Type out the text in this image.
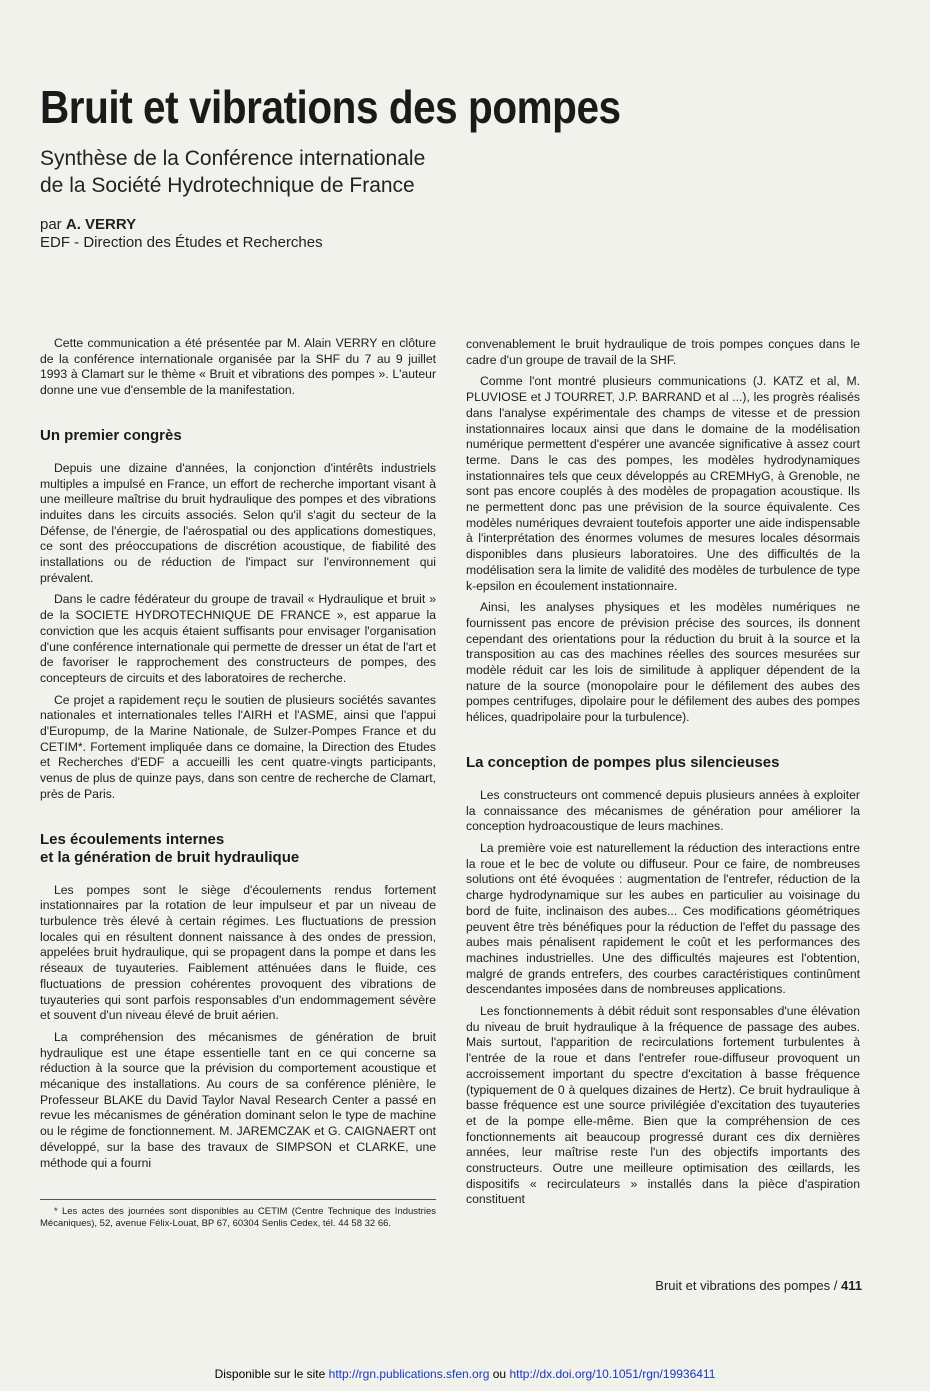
Bruit et vibrations des pompes
Synthèse de la Conférence internationale
de la Société Hydrotechnique de France
par A. VERRY
EDF - Direction des Études et Recherches

Cette communication a été présentée par M. Alain VERRY en clôture de la conférence internationale organisée par la SHF du 7 au 9 juillet 1993 à Clamart sur le thème « Bruit et vibrations des pompes ». L'auteur donne une vue d'ensemble de la manifestation.

Un premier congrès

Depuis une dizaine d'années, la conjonction d'intérêts industriels multiples a impulsé en France, un effort de recherche important visant à une meilleure maîtrise du bruit hydraulique des pompes et des vibrations induites dans les circuits associés. Selon qu'il s'agit du secteur de la Défense, de l'énergie, de l'aérospatial ou des applications domestiques, ce sont des préoccupations de discrétion acoustique, de fiabilité des installations ou de réduction de l'impact sur l'environnement qui prévalent.

Dans le cadre fédérateur du groupe de travail « Hydraulique et bruit » de la SOCIETE HYDROTECHNIQUE DE FRANCE », est apparue la conviction que les acquis étaient suffisants pour envisager l'organisation d'une conférence internationale qui permette de dresser un état de l'art et de favoriser le rapprochement des constructeurs de pompes, des concepteurs de circuits et des laboratoires de recherche.

Ce projet a rapidement reçu le soutien de plusieurs sociétés savantes nationales et internationales telles l'AIRH et l'ASME, ainsi que l'appui d'Europump, de la Marine Nationale, de Sulzer-Pompes France et du CETIM*. Fortement impliquée dans ce domaine, la Direction des Etudes et Recherches d'EDF a accueilli les cent quatre-vingts participants, venus de plus de quinze pays, dans son centre de recherche de Clamart, près de Paris.

Les écoulements internes
et la génération de bruit hydraulique

Les pompes sont le siège d'écoulements rendus fortement instationnaires par la rotation de leur impulseur et par un niveau de turbulence très élevé à certain régimes. Les fluctuations de pression locales qui en résultent donnent naissance à des ondes de pression, appelées bruit hydraulique, qui se propagent dans la pompe et dans les réseaux de tuyauteries. Faiblement atténuées dans le fluide, ces fluctuations de pression cohérentes provoquent des vibrations de tuyauteries qui sont parfois responsables d'un endommagement sévère et souvent d'un niveau élevé de bruit aérien.

La compréhension des mécanismes de génération de bruit hydraulique est une étape essentielle tant en ce qui concerne sa réduction à la source que la prévision du comportement acoustique et mécanique des installations. Au cours de sa conférence plénière, le Professeur BLAKE du David Taylor Naval Research Center a passé en revue les mécanismes de génération dominant selon le type de machine ou le régime de fonctionnement. M. JAREMCZAK et G. CAIGNAERT ont développé, sur la base des travaux de SIMPSON et CLARKE, une méthode qui a fourni

* Les actes des journées sont disponibles au CETIM (Centre Technique des Industries Mécaniques), 52, avenue Félix-Louat, BP 67, 60304 Senlis Cedex, tél. 44 58 32 66.

convenablement le bruit hydraulique de trois pompes conçues dans le cadre d'un groupe de travail de la SHF.

Comme l'ont montré plusieurs communications (J. KATZ et al, M. PLUVIOSE et J TOURRET, J.P. BARRAND et al ...), les progrès réalisés dans l'analyse expérimentale des champs de vitesse et de pression instationnaires locaux ainsi que dans le domaine de la modélisation numérique permettent d'espérer une avancée significative à assez court terme. Dans le cas des pompes, les modèles hydrodynamiques instationnaires tels que ceux développés au CREMHyG, à Grenoble, ne sont pas encore couplés à des modèles de propagation acoustique. Ils ne permettent donc pas une prévision de la source équivalente. Ces modèles numériques devraient toutefois apporter une aide indispensable à l'interprétation des énormes volumes de mesures locales désormais disponibles dans plusieurs laboratoires. Une des difficultés de la modélisation sera la limite de validité des modèles de turbulence de type k-epsilon en écoulement instationnaire.

Ainsi, les analyses physiques et les modèles numériques ne fournissent pas encore de prévision précise des sources, ils donnent cependant des orientations pour la réduction du bruit à la source et la transposition au cas des machines réelles des sources mesurées sur modèle réduit car les lois de similitude à appliquer dépendent de la nature de la source (monopolaire pour le défilement des aubes des pompes centrifuges, dipolaire pour le défilement des aubes des pompes hélices, quadripolaire pour la turbulence).

La conception de pompes plus silencieuses

Les constructeurs ont commencé depuis plusieurs années à exploiter la connaissance des mécanismes de génération pour améliorer la conception hydroacoustique de leurs machines.

La première voie est naturellement la réduction des interactions entre la roue et le bec de volute ou diffuseur. Pour ce faire, de nombreuses solutions ont été évoquées : augmentation de l'entrefer, réduction de la charge hydrodynamique sur les aubes en particulier au voisinage du bord de fuite, inclinaison des aubes... Ces modifications géométriques peuvent être très bénéfiques pour la réduction de l'effet du passage des aubes mais pénalisent rapidement le coût et les performances des machines industrielles. Une des difficultés majeures est l'obtention, malgré de grands entrefers, des courbes caractéristiques continûment descendantes imposées dans de nombreuses applications.

Les fonctionnements à débit réduit sont responsables d'une élévation du niveau de bruit hydraulique à la fréquence de passage des aubes. Mais surtout, l'apparition de recirculations fortement turbulentes à l'entrée de la roue et dans l'entrefer roue-diffuseur provoquent un accroissement important du spectre d'excitation à basse fréquence (typiquement de 0 à quelques dizaines de Hertz). Ce bruit hydraulique à basse fréquence est une source privilégiée d'excitation des tuyauteries et de la pompe elle-même. Bien que la compréhension de ces fonctionnements ait beaucoup progressé durant ces dix dernières années, leur maîtrise reste l'un des objectifs importants des constructeurs. Outre une meilleure optimisation des œillards, les dispositifs « recirculateurs » installés dans la pièce d'aspiration constituent

Bruit et vibrations des pompes / 411
Disponible sur le site http://rgn.publications.sfen.org ou http://dx.doi.org/10.1051/rgn/19936411
